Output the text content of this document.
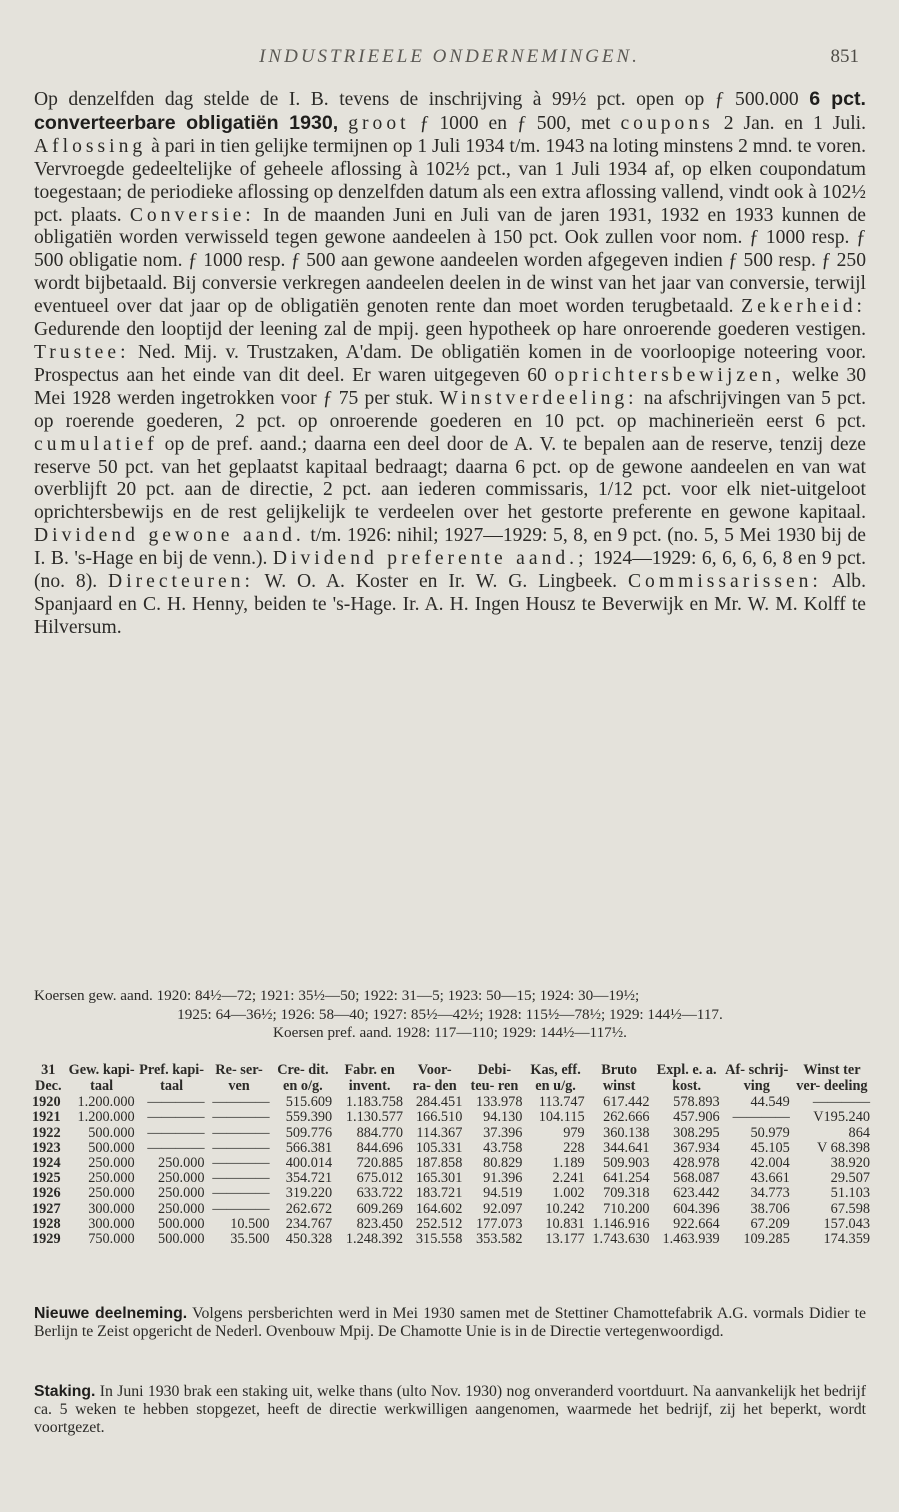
INDUSTRIEELE ONDERNEMINGEN.	851

Op denzelfden dag stelde de I. B. tevens de inschrijving à 99½ pct. open op ƒ 500.000 6 pct. converteerbare obligatiën 1930, groot ƒ 1000 en ƒ 500, met coupons 2 Jan. en 1 Juli. Aflossing à pari in tien gelijke termijnen op 1 Juli 1934 t/m. 1943 na loting minstens 2 mnd. te voren. Vervroegde gedeeltelijke of geheele aflossing à 102½ pct., van 1 Juli 1934 af, op elken coupondatum toegestaan; de periodieke aflossing op denzelfden datum als een extra aflossing vallend, vindt ook à 102½ pct. plaats. Conversie: In de maanden Juni en Juli van de jaren 1931, 1932 en 1933 kunnen de obligatiën worden verwisseld tegen gewone aandeelen à 150 pct. Ook zullen voor nom. ƒ 1000 resp. ƒ 500 obligatie nom. ƒ 1000 resp. ƒ 500 aan gewone aandeelen worden afgegeven indien ƒ 500 resp. ƒ 250 wordt bijbetaald. Bij conversie verkregen aandeelen deelen in de winst van het jaar van conversie, terwijl eventueel over dat jaar op de obligatiën genoten rente dan moet worden terugbetaald. Zekerheid: Gedurende den looptijd der leening zal de mpij. geen hypotheek op hare onroerende goederen vestigen. Trustee: Ned. Mij. v. Trustzaken, A'dam. De obligatiën komen in de voorloopige noteering voor. Prospectus aan het einde van dit deel. Er waren uitgegeven 60 oprichtersbewijzen, welke 30 Mei 1928 werden ingetrokken voor ƒ 75 per stuk. Winstverdeeling: na afschrijvingen van 5 pct. op roerende goederen, 2 pct. op onroerende goederen en 10 pct. op machinerieën eerst 6 pct. cumulatief op de pref. aand.; daarna een deel door de A. V. te bepalen aan de reserve, tenzij deze reserve 50 pct. van het geplaatst kapitaal bedraagt; daarna 6 pct. op de gewone aandeelen en van wat overblijft 20 pct. aan de directie, 2 pct. aan iederen commissaris, 1/12 pct. voor elk niet-uitgeloot oprichtersbewijs en de rest gelijkelijk te verdeelen over het gestorte preferente en gewone kapitaal. Dividend gewone aand. t/m. 1926: nihil; 1927—1929: 5, 8, en 9 pct. (no. 5, 5 Mei 1930 bij de I. B. 's-Hage en bij de venn.). Dividend preferente aand.; 1924—1929: 6, 6, 6, 6, 8 en 9 pct. (no. 8). Directeuren: W. O. A. Koster en Ir. W. G. Lingbeek. Commissarissen: Alb. Spanjaard en C. H. Henny, beiden te 's-Hage. Ir. A. H. Ingen Housz te Beverwijk en Mr. W. M. Kolff te Hilversum.

Koersen gew. aand. 1920: 84½—72; 1921: 35½—50; 1922: 31—5; 1923: 50—15; 1924: 30—19½;

1925: 64—36½; 1926: 58—40; 1927: 85½—42½; 1928: 115½—78½; 1929: 144½—117.

Koersen pref. aand. 1928: 117—110; 1929: 144½—117½.

31 Dec.	Gew. kapi- taal	Pref. kapi- taal	Re- ser- ven	Cre- dit. en o/g.	Fabr. en invent.	Voor- ra- den	Debi- teu- ren	Kas, eff. en u/g.	Bruto winst	Expl. e. a. kost.	Af- schrij- ving	Winst ter ver- deeling
1920	1.200.000	————	————	515.609	1.183.758	284.451	133.978	113.747	617.442	578.893	44.549	————
1921	1.200.000	————	————	559.390	1.130.577	166.510	94.130	104.115	262.666	457.906	————	V195.240
1922	500.000	————	————	509.776	884.770	114.367	37.396	979	360.138	308.295	50.979	864
1923	500.000	————	————	566.381	844.696	105.331	43.758	228	344.641	367.934	45.105	V 68.398
1924	250.000	250.000	————	400.014	720.885	187.858	80.829	1.189	509.903	428.978	42.004	38.920
1925	250.000	250.000	————	354.721	675.012	165.301	91.396	2.241	641.254	568.087	43.661	29.507
1926	250.000	250.000	————	319.220	633.722	183.721	94.519	1.002	709.318	623.442	34.773	51.103
1927	300.000	250.000	————	262.672	609.269	164.602	92.097	10.242	710.200	604.396	38.706	67.598
1928	300.000	500.000	10.500	234.767	823.450	252.512	177.073	10.831	1.146.916	922.664	67.209	157.043
1929	750.000	500.000	35.500	450.328	1.248.392	315.558	353.582	13.177	1.743.630	1.463.939	109.285	174.359

Nieuwe deelneming. Volgens persberichten werd in Mei 1930 samen met de Stettiner Chamottefabrik A.G. vormals Didier te Berlijn te Zeist opgericht de Nederl. Ovenbouw Mpij. De Chamotte Unie is in de Directie vertegenwoordigd.

Staking. In Juni 1930 brak een staking uit, welke thans (ulto Nov. 1930) nog onveranderd voortduurt. Na aanvankelijk het bedrijf ca. 5 weken te hebben stopgezet, heeft de directie werkwilligen aangenomen, waarmede het bedrijf, zij het beperkt, wordt voortgezet.
